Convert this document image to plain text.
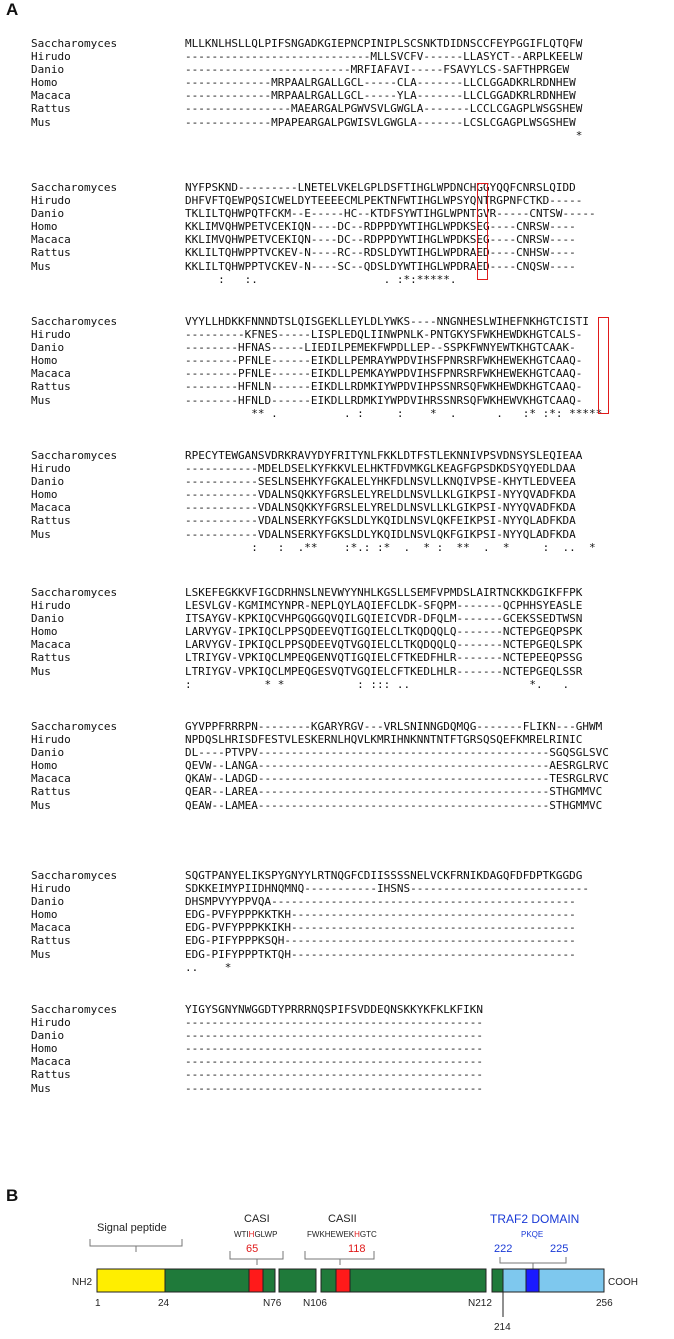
A
Saccharomyces	MLLKNLHSLLQLPIFSNGADKGIEPNCPINIPLSCSNKTDIDNSCCFEYPGGIFLQTQFW
Hirudo	----------------------------MLLSVCFV------LLASYCT--ARPLKEELW
Danio	-------------------------MRFIAFAVI-----FSAVYLCS-SAFTHPRGEW
Homo	-------------MRPAALRGALLGCL-----CLA-------LLCLGGADKRLRDNHEW
Macaca	-------------MRPAALRGALLGCL-----YLA-------LLCLGGADKRLRDNHEW
Rattus	----------------MAEARGALPGWVSVLGWGLA-------LCCLCGAGPLWSGSHEW
Mus	-------------MPAPEARGALPGWISVLGWGLA-------LCSLCGAGPLWSGSHEW
*
Saccharomyces	NYFPSKND---------LNETELVKELGPLDSFTIHGLWPDNCHGGYQQFCNRSLQIDD
Hirudo	DHFVFTQEWPQSICWELDYTEEEECMLPEKTNFWTIHGLWPSYQNTRGPNFCTKD-----
Danio	TKLILTQHWPQTFCKM--E-----HC--KTDFSYWTIHGLWPNTGVR-----CNTSW-----
Homo	KKLIMVQHWPETVCEKIQN----DC--RDPPDYWTIHGLWPDKSEG----CNRSW----
Macaca	KKLIMVQHWPETVCEKIQN----DC--RDPPDYWTIHGLWPDKSEG----CNRSW----
Rattus	KKLILTQHWPPTVCKEV-N----RC--RDSLDYWTIHGLWPDRAED----CNHSW----
Mus	KKLILTQHWPPTVCKEV-N----SC--QDSLDYWTIHGLWPDRAED----CNQSW----
:   :.                   . :*:*****.
Saccharomyces	VYYLLHDKKFNNNDTSLQISGEKLLEYLDLYWKS----NNGNHESLWIHEFNKHGTCISTI
Hirudo	---------KFNES-----LISPLEDQLIINWPNLK-PNTGKYSFWKHEWDKHGTCALS-
Danio	--------HFNAS-----LIEDILPEMEKFWPDLLEP--SSPKFWNYEWTKHGTCAAK-
Homo	--------PFNLE------EIKDLLPEMRAYWPDVIHSFPNRSRFWKHEWEKHGTCAAQ-
Macaca	--------PFNLE------EIKDLLPEMKAYWPDVIHSFPNRSRFWKHEWEKHGTCAAQ-
Rattus	--------HFNLN------EIKDLLRDMKIYWPDVIHPSSNRSQFWKHEWDKHGTCAAQ-
Mus	--------HFNLD------EIKDLLRDMKIYWPDVIHRSSNRSQFWKHEWVKHGTCAAQ-
** .          . :     :    *  .      .   :* :*: *****
Saccharomyces	RPECYTEWGANSVDRKRAVYDYFRITYNLFKKLDTFSTLEKNNIVPSVDNSYSLEQIEAA
Hirudo	-----------MDELDSELKYFKKVLELHKTFDVMKGLKEAGFGPSDKDSYQYEDLDAA
Danio	-----------SESLNSEHKYFGKALELYHKFDLNSVLLKNQIVPSE-KHYTLEDVEEA
Homo	-----------VDALNSQKKYFGRSLELYRELDLNSVLLKLGIKPSI-NYYQVADFKDA
Macaca	-----------VDALNSQKKYFGRSLELYRELDLNSVLLKLGIKPSI-NYYQVADFKDA
Rattus	-----------VDALNSERKYFGKSLDLYKQIDLNSVLQKFEIKPSI-NYYQLADFKDA
Mus	-----------VDALNSERKYFGKSLDLYKQIDLNSVLQKFGIKPSI-NYYQLADFKDA
:   :  .**    :*.: :*  .  * :  **  .  *     :  ..  *
Saccharomyces	LSKEFEGKKVFIGCDRHNSLNEVWYYNHLKGSLLSEMFVPMDSLAIRTNCKKDGIKFFPK
Hirudo	LESVLGV-KGMIMCYNPR-NEPLQYLAQIEFCLDK-SFQPM-------QCPHHSYEASLE
Danio	ITSAYGV-KPKIQCVHPGQGGQVQILGQIEICVDR-DFQLM-------GCEKSSEDTWSN
Homo	LARVYGV-IPKIQCLPPSQDEEVQTIGQIELCLTKQDQQLQ-------NCTEPGEQPSPK
Macaca	LARVYGV-IPKIQCLPPSQDEEVQTVGQIELCLTKQDQQLQ-------NCTEPGEQLSPK
Rattus	LTRIYGV-VPKIQCLMPEQGENVQTIGQIELCFTKEDFHLR-------NCTEPEEQPSSG
Mus	LTRIYGV-VPKIQCLMPEQGESVQTVGQIELCFTKEDLHLR-------NCTEPGEQLSSR
:           * *           : ::: ..                  *.   .
Saccharomyces	GYVPPFRRRPN--------KGARYRGV---VRLSNINNGDQMQG-------FLIKN---GHWM
Hirudo	NPDQSLHRISDFESTVLESKERNLHQVLKMRIHNKNNTNTFTGRSQSQEFKMRELRINIC
Danio	DL----PTVPV--------------------------------------------SGQSGLSVC
Homo	QEVW--LANGA--------------------------------------------AESRGLRVC
Macaca	QKAW--LADGD--------------------------------------------TESRGLRVC
Rattus	QEAR--LAREA--------------------------------------------STHGMMVC
Mus	QEAW--LAMEA--------------------------------------------STHGMMVC
Saccharomyces	SQGTPANYELIKSPYGNYYLRTNQGFCDIISSSSNELVCKFRNIKDAGQFDFDPTKGGDG
Hirudo	SDKKEIMYPIIDHNQMNQ-----------IHSNS---------------------------
Danio	DHSMPVYYPPVQA----------------------------------------------
Homo	EDG-PVFYPPPKKTKH-------------------------------------------
Macaca	EDG-PVFYPPPKKIKH-------------------------------------------
Rattus	EDG-PIFYPPPKSQH--------------------------------------------
Mus	EDG-PIFYPPPTKTQH-------------------------------------------
..    *
Saccharomyces	YIGYSGNYNWGGDTYPRRRNQSPIFSVDDEQNSKKYKFKLKFIKN
Hirudo	---------------------------------------------
Danio	---------------------------------------------
Homo	---------------------------------------------
Macaca	---------------------------------------------
Rattus	---------------------------------------------
Mus	---------------------------------------------
B
Signal peptide
CASI
WTIHGLWP
65
CASII
FWKHEWEKHGTC
118
TRAF2 DOMAIN
PKQE
222	225
NH2	COOH
1	24	N76 N106	N212
214
256
